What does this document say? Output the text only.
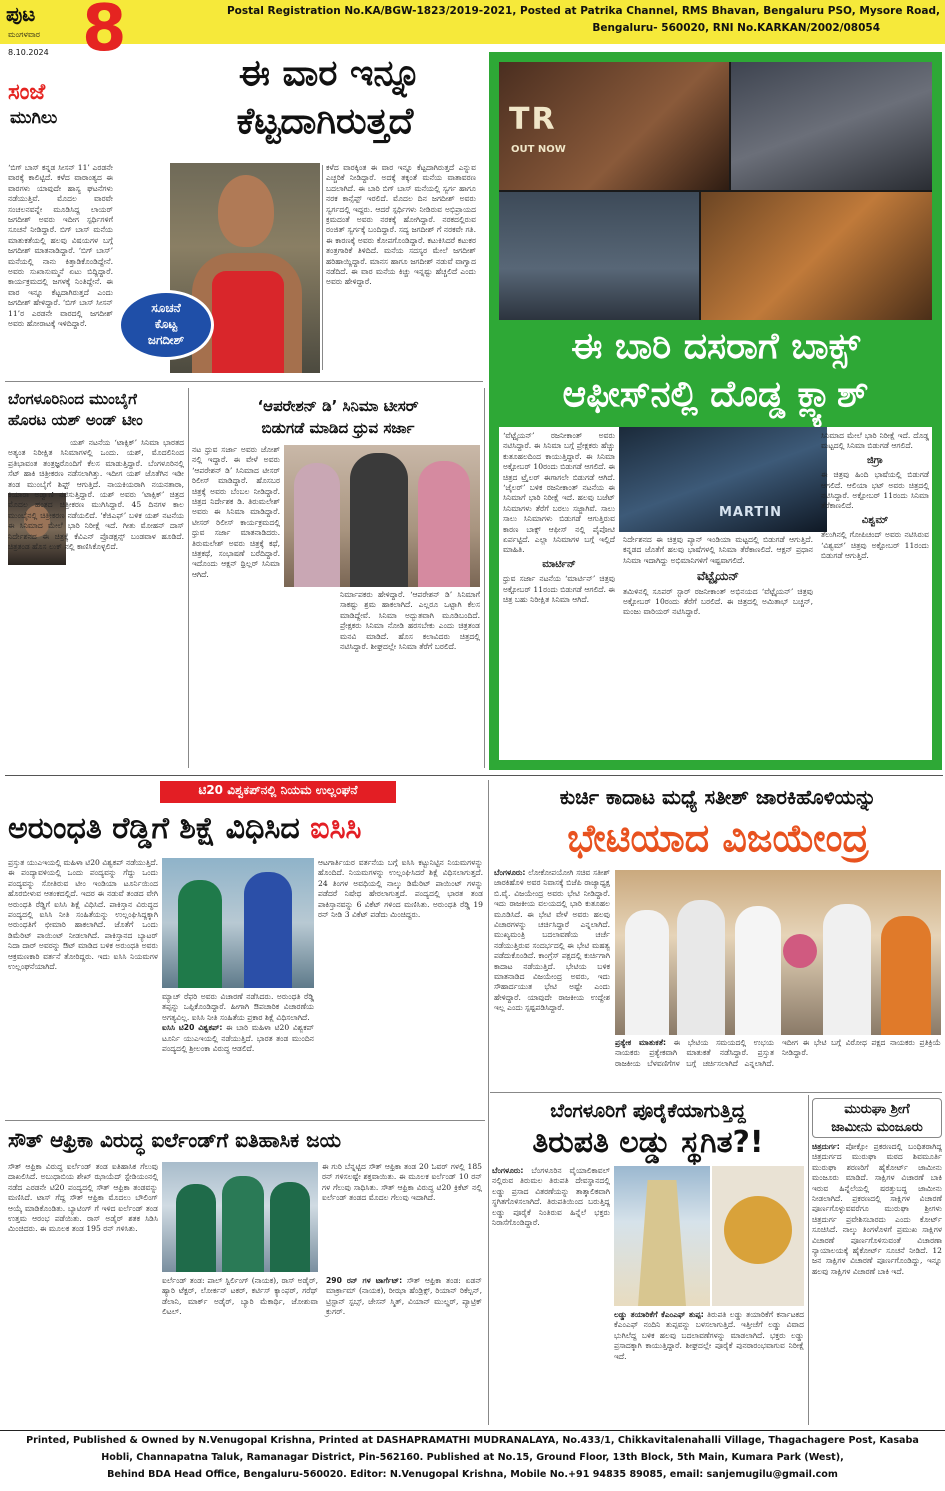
Postal Registration No.KA/BGW-1823/2019-2021, Posted at Patrika Channel, RMS Bhavan, Bengaluru PSO, Mysore Road,
Bengaluru- 560020, RNI No.KARKAN/2002/08054
ಪುಟ 8
ಮಂಗಳವಾರ
8.10.2024
ಸಂಜೆ
ಮುಗಿಲು
ಈ ವಾರ ಇನ್ನೂ
ಕೆಟ್ಟದಾಗಿರುತ್ತದೆ
ಸೂಚನೆ
ಕೊಟ್ಟ
ಜಗದೀಶ್
‘ಬಿಗ್ ಬಾಸ್ ಕನ್ನಡ ಸೀಸನ್ 11’ ಎರಡನೇ ವಾರಕ್ಕೆ ಕಾಲಿಟ್ಟಿದೆ. ಕಳೆದ ವಾರಾಂತ್ಯದ ಈ ವಾರಗಳು ಯಾವುದೇ ಹಾಸ್ಯ ಘಟನೆಗಳು ನಡೆಯುತ್ತಿವೆ. ಮೊದಲ ವಾರವೇ ಸಂಚಲನವನ್ನೇ ಮೂಡಿಸಿದ್ದ ಲಾಯರ್ ಜಗದೀಶ್ ಅವರು ಇದೀಗ ಸ್ಪರ್ಧಿಗಳಿಗೆ ಸೂಚನೆ ನೀಡಿದ್ದಾರೆ. ಬಿಗ್ ಬಾಸ್ ಮನೆಯ ಮಾತುಕತೆಯಲ್ಲಿ ಹಲವು ವಿಷಯಗಳ ಬಗ್ಗೆ ಜಗದೀಶ್ ಮಾತನಾಡಿದ್ದಾರೆ. ‘ಬಿಗ್ ಬಾಸ್’ ಮನೆಯಲ್ಲಿ ನಾನು ಕಿತ್ತಾಡಿಕೊಂಡಿದ್ದೇನೆ. ಅವರು ಸುಖಾಸುಮ್ಮನೆ ಏಟು ಬಿದ್ದಿದ್ದಾರೆ. ಕಾರ್ಯಕ್ರಮದಲ್ಲಿ ಜಗಳಕ್ಕೆ ನಿಂತಿದ್ದೇನೆ. ಈ ವಾರ ಇನ್ನೂ ಕೆಟ್ಟದಾಗಿರುತ್ತದೆ ಎಂದು ಜಗದೀಶ್ ಹೇಳಿದ್ದಾರೆ. ‘ಬಿಗ್ ಬಾಸ್ ಸೀಸನ್ 11’ರ ಎರಡನೇ ವಾರದಲ್ಲಿ ಜಗದೀಶ್ ಅವರು ಹೋರಾಟಕ್ಕೆ ಇಳಿದಿದ್ದಾರೆ.
ಕಳೆದ ವಾರಕ್ಕಿಂತ ಈ ವಾರ ಇನ್ನೂ ಕೆಟ್ಟದಾಗಿರುತ್ತದೆ ಎನ್ನುವ ಎಚ್ಚರಿಕೆ ನೀಡಿದ್ದಾರೆ. ಅದಕ್ಕೆ ತಕ್ಕಂತೆ ಮನೆಯ ವಾತಾವರಣ ಬದಲಾಗಿದೆ. ಈ ಬಾರಿ ಬಿಗ್ ಬಾಸ್ ಮನೆಯಲ್ಲಿ ಸ್ವರ್ಗ ಹಾಗೂ ನರಕ ಕಾನ್ಸೆಪ್ಟ್ ಇರಲಿದೆ. ಮೊದಲ ದಿನ ಜಗದೀಶ್ ಅವರು ಸ್ವರ್ಗದಲ್ಲಿ ಇದ್ದರು. ಆದರೆ ಸ್ಪರ್ಧಿಗಳು ನೀಡಿರುವ ಅಭಿಪ್ರಾಯದ ಕ್ರಮದಂತೆ ಅವರು ನರಕಕ್ಕೆ ಹೋಗಿದ್ದಾರೆ. ನರಕದಲ್ಲಿರುವ ರಂಜಿತ್ ಸ್ವರ್ಗಕ್ಕೆ ಬಂದಿದ್ದಾರೆ. ಸದ್ಯ ಜಗದೀಶ್ ಗೆ ನರಕವೇ ಗತಿ. ಈ ಕಾರಣಕ್ಕೆ ಅವರು ಕೋಪಗೊಂಡಿದ್ದಾರೆ. ಕಟುಕಿಸಿದರೆ ಕಟುಕರ ತಂತ್ರಗಾರಿಕೆ ತಿಳಿದಿದೆ. ಮನೆಯ ಸದಸ್ಯರ ಮೇಲೆ ಜಗದೀಶ್ ಹರಿಹಾಯ್ದಿದ್ದಾರೆ. ಮಾನಸ ಹಾಗೂ ಜಗದೀಶ್ ನಡುವೆ ವಾಗ್ವಾದ ನಡೆದಿದೆ. ಈ ವಾರ ಮನೆಯ ಕಿಚ್ಚು ಇನ್ನಷ್ಟು ಹೆಚ್ಚಲಿದೆ ಎಂದು ಅವರು ಹೇಳಿದ್ದಾರೆ.
TR
OUT NOW
ಈ ಬಾರಿ ದಸರಾಗೆ ಬಾಕ್ಸ್
ಆಫೀಸ್‌ನಲ್ಲಿ ದೊಡ್ಡ ಕ್ಲ್ಯಾಶ್
MARTIN
‘ವೆಟ್ಟೈಯನ್’ ರಜನೀಕಾಂತ್ ಅವರು ನಟಿಸಿದ್ದಾರೆ. ಈ ಸಿನಿಮಾ ಬಗ್ಗೆ ಪ್ರೇಕ್ಷಕರು ಹೆಚ್ಚು ಕುತೂಹಲದಿಂದ ಕಾಯುತ್ತಿದ್ದಾರೆ. ಈ ಸಿನಿಮಾ ಅಕ್ಟೋಬರ್ 10ರಂದು ಬಿಡುಗಡೆ ಆಗಲಿದೆ. ಈ ಚಿತ್ರದ ಟ್ರೈಲರ್ ಈಗಾಗಲೇ ಬಿಡುಗಡೆ ಆಗಿದೆ. ‘ಜೈಲರ್’ ಬಳಿಕ ರಜನೀಕಾಂತ್ ನಟನೆಯ ಈ ಸಿನಿಮಾಗೆ ಭಾರಿ ನಿರೀಕ್ಷೆ ಇದೆ. ಹಲವು ಬಜೆಟ್ ಸಿನಿಮಾಗಳು ತೆರೆಗೆ ಬರಲು ಸಜ್ಜಾಗಿವೆ. ಸಾಲು ಸಾಲು ಸಿನಿಮಾಗಳು ಬಿಡುಗಡೆ ಆಗುತ್ತಿರುವ ಕಾರಣ ಬಾಕ್ಸ್ ಆಫೀಸ್ ನಲ್ಲಿ ಪೈಪೋಟಿ ಏರ್ಪಟ್ಟಿದೆ. ಎಲ್ಲಾ ಸಿನಿಮಾಗಳ ಬಗ್ಗೆ ಇಲ್ಲಿದೆ ಮಾಹಿತಿ.
ಮಾರ್ಟಿನ್
ಧ್ರುವ ಸರ್ಜಾ ನಟನೆಯ ‘ಮಾರ್ಟಿನ್’ ಚಿತ್ರವು ಅಕ್ಟೋಬರ್ 11ರಂದು ಬಿಡುಗಡೆ ಆಗಲಿದೆ. ಈ ಚಿತ್ರ ಬಹು ನಿರೀಕ್ಷಿತ ಸಿನಿಮಾ ಆಗಿದೆ.
ನಿರ್ದೇಶನದ ಈ ಚಿತ್ರವು ಪ್ಯಾನ್ ಇಂಡಿಯಾ ಮಟ್ಟದಲ್ಲಿ ಬಿಡುಗಡೆ ಆಗುತ್ತಿದೆ. ಕನ್ನಡದ ಜೊತೆಗೆ ಹಲವು ಭಾಷೆಗಳಲ್ಲಿ ಸಿನಿಮಾ ತೆರೆಕಾಣಲಿದೆ. ಆಕ್ಷನ್ ಪ್ರಧಾನ ಸಿನಿಮಾ ಇದಾಗಿದ್ದು ಅಭಿಮಾನಿಗಳಿಗೆ ಇಷ್ಟವಾಗಲಿದೆ.
ವೆಟ್ಟೈಯನ್
ತಮಿಳಿನಲ್ಲಿ ಸೂಪರ್ ಸ್ಟಾರ್ ರಜನೀಕಾಂತ್ ಅಭಿನಯದ ‘ವೆಟ್ಟೈಯನ್’ ಚಿತ್ರವು ಅಕ್ಟೋಬರ್ 10ರಂದು ತೆರೆಗೆ ಬರಲಿದೆ. ಈ ಚಿತ್ರದಲ್ಲಿ ಅಮಿತಾಭ್ ಬಚ್ಚನ್, ಮಂಜು ವಾರಿಯರ್ ನಟಿಸಿದ್ದಾರೆ.
ಸಿನಿಮಾದ ಮೇಲೆ ಭಾರಿ ನಿರೀಕ್ಷೆ ಇದೆ. ದೊಡ್ಡ ಮಟ್ಟದಲ್ಲಿ ಸಿನಿಮಾ ಬಿಡುಗಡೆ ಆಗಲಿದೆ.
ಜಿಗ್ರಾ
ಈ ಚಿತ್ರವು ಹಿಂದಿ ಭಾಷೆಯಲ್ಲಿ ಬಿಡುಗಡೆ ಆಗಲಿದೆ. ಆಲಿಯಾ ಭಟ್ ಅವರು ಚಿತ್ರದಲ್ಲಿ ನಟಿಸಿದ್ದಾರೆ. ಅಕ್ಟೋಬರ್ 11ರಂದು ಸಿನಿಮಾ ತೆರೆಕಾಣಲಿದೆ.
ವಿಶ್ವಮ್
ತೆಲುಗಿನಲ್ಲಿ ಗೋಪಿಚಂದ್ ಅವರು ನಟಿಸಿರುವ ‘ವಿಶ್ವಮ್’ ಚಿತ್ರವು ಅಕ್ಟೋಬರ್ 11ರಂದು ಬಿಡುಗಡೆ ಆಗುತ್ತಿದೆ.
ಬೆಂಗಳೂರಿನಿಂದ ಮುಂಬೈಗೆ
ಹೊರಟ ಯಶ್ ಅಂಡ್ ಟೀಂ
ಯಶ್ ನಟನೆಯ ‘ಟಾಕ್ಸಿಕ್’ ಸಿನಿಮಾ ಭಾರತದ ಅತ್ಯಂತ ನಿರೀಕ್ಷಿತ ಸಿನಿಮಾಗಳಲ್ಲಿ ಒಂದು. ಯಶ್, ಮೊದಲಿನಿಂದ ಪ್ರತಿಭಾವಂತ ತಂತ್ರಜ್ಞರೊಂದಿಗೆ ಕೆಲಸ ಮಾಡುತ್ತಿದ್ದಾರೆ. ಬೆಂಗಳೂರಿನಲ್ಲಿ ಸೆಟ್ ಹಾಕಿ ಚಿತ್ರೀಕರಣ ನಡೆಸಲಾಗಿತ್ತು. ಇದೀಗ ಯಶ್ ಜೊತೆಗಿನ ಇಡೀ ತಂಡ ಮುಂಬೈಗೆ ಶಿಫ್ಟ್ ಆಗುತ್ತಿದೆ. ನಾಯಕಿಯರಾಗಿ ನಯನತಾರಾ, ಕಿಯಾರಾ ಅಡ್ವಾಣಿ ನಟಿಸುತ್ತಿದ್ದಾರೆ. ಯಶ್ ಅವರು ‘ಟಾಕ್ಸಿಕ್’ ಚಿತ್ರದ ಮೊದಲ ಹಂತದ ಚಿತ್ರೀಕರಣ ಮುಗಿಸಿದ್ದಾರೆ. 45 ದಿನಗಳ ಕಾಲ ಮುಂಬೈನಲ್ಲಿ ಚಿತ್ರೀಕರಣ ನಡೆಯಲಿದೆ. ‘ಕೆಜಿಎಫ್’ ಬಳಿಕ ಯಶ್ ನಟನೆಯ ಈ ಸಿನಿಮಾದ ಮೇಲೆ ಭಾರಿ ನಿರೀಕ್ಷೆ ಇದೆ. ಗೀತು ಮೋಹನ್ ದಾಸ್ ನಿರ್ದೇಶನದ ಈ ಚಿತ್ರಕ್ಕೆ ಕೆವಿಎನ್ ಪ್ರೊಡಕ್ಷನ್ಸ್ ಬಂಡವಾಳ ಹೂಡಿದೆ. ಚಿತ್ರತಂಡ ಹೊಸ ಲುಕ್ ನಲ್ಲಿ ಕಾಣಿಸಿಕೊಳ್ಳಲಿದೆ.
‘ಆಪರೇಶನ್ ಡಿ’ ಸಿನಿಮಾ ಟೀಸರ್
ಬಿಡುಗಡೆ ಮಾಡಿದ ಧ್ರುವ ಸರ್ಜಾ
ನಟ ಧ್ರುವ ಸರ್ಜಾ ಅವರು ಜೋಶ್ ನಲ್ಲಿ ಇದ್ದಾರೆ. ಈ ವೇಳೆ ಅವರು ‘ಆಪರೇಶನ್ ಡಿ’ ಸಿನಿಮಾದ ಟೀಸರ್ ರಿಲೀಸ್ ಮಾಡಿದ್ದಾರೆ. ಹೊಸಬರ ಚಿತ್ರಕ್ಕೆ ಅವರು ಬೆಂಬಲ ನೀಡಿದ್ದಾರೆ. ಚಿತ್ರದ ನಿರ್ದೇಶಕ ಡಿ. ತಿರುಮಲೇಶ್ ಅವರು ಈ ಸಿನಿಮಾ ಮಾಡಿದ್ದಾರೆ. ಟೀಸರ್ ರಿಲೀಸ್ ಕಾರ್ಯಕ್ರಮದಲ್ಲಿ ಧ್ರುವ ಸರ್ಜಾ ಮಾತನಾಡಿದರು. ತಿರುಮಲೇಶ್ ಅವರು ಚಿತ್ರಕ್ಕೆ ಕಥೆ, ಚಿತ್ರಕಥೆ, ಸಂಭಾಷಣೆ ಬರೆದಿದ್ದಾರೆ. ಇದೊಂದು ಆಕ್ಷನ್ ಥ್ರಿಲ್ಲರ್ ಸಿನಿಮಾ ಆಗಿದೆ.
ನಿರ್ಮಾಪಕರು ಹೇಳಿದ್ದಾರೆ. ‘ಆಪರೇಶನ್ ಡಿ’ ಸಿನಿಮಾಗೆ ಸಾಕಷ್ಟು ಶ್ರಮ ಹಾಕಲಾಗಿದೆ. ಎಲ್ಲರೂ ಒಟ್ಟಾಗಿ ಕೆಲಸ ಮಾಡಿದ್ದೇವೆ. ಸಿನಿಮಾ ಅದ್ಭುತವಾಗಿ ಮೂಡಿಬಂದಿದೆ. ಪ್ರೇಕ್ಷಕರು ಸಿನಿಮಾ ನೋಡಿ ಹರಸಬೇಕು ಎಂದು ಚಿತ್ರತಂಡ ಮನವಿ ಮಾಡಿದೆ. ಹೊಸ ಕಲಾವಿದರು ಚಿತ್ರದಲ್ಲಿ ನಟಿಸಿದ್ದಾರೆ. ಶೀಘ್ರದಲ್ಲೇ ಸಿನಿಮಾ ತೆರೆಗೆ ಬರಲಿದೆ.
ಟಿ20 ವಿಶ್ವಕಪ್‌ನಲ್ಲಿ ನಿಯಮ ಉಲ್ಲಂಘನೆ
ಅರುಂಧತಿ ರೆಡ್ಡಿಗೆ ಶಿಕ್ಷೆ ವಿಧಿಸಿದ ಐಸಿಸಿ
ಪ್ರಸ್ತುತ ಯುಎಇಯಲ್ಲಿ ಮಹಿಳಾ ಟಿ20 ವಿಶ್ವಕಪ್ ನಡೆಯುತ್ತಿದೆ. ಈ ಪಂದ್ಯಾವಳಿಯಲ್ಲಿ ಒಂದು ಪಂದ್ಯವನ್ನು ಗೆದ್ದು ಒಂದು ಪಂದ್ಯವನ್ನು ಸೋತಿರುವ ಟೀಂ ಇಂಡಿಯಾ ಟೂರ್ನಿಯಿಂದ ಹೊರಬೀಳುವ ಆತಂಕದಲ್ಲಿದೆ. ಇದರ ಈ ನಡುವೆ ತಂಡದ ವೇಗಿ ಅರುಂಧತಿ ರೆಡ್ಡಿಗೆ ಐಸಿಸಿ ಶಿಕ್ಷೆ ವಿಧಿಸಿದೆ. ಪಾಕಿಸ್ತಾನ ವಿರುದ್ಧದ ಪಂದ್ಯದಲ್ಲಿ ಐಸಿಸಿ ನೀತಿ ಸಂಹಿತೆಯನ್ನು ಉಲ್ಲಂಘಿಸಿದ್ದಕ್ಕಾಗಿ ಅರುಂಧತಿಗೆ ಛೀಮಾರಿ ಹಾಕಲಾಗಿದೆ. ಜೊತೆಗೆ ಒಂದು ಡಿಮೆರಿಟ್ ಪಾಯಿಂಟ್ ನೀಡಲಾಗಿದೆ. ಪಾಕಿಸ್ತಾನದ ಬ್ಯಾಟರ್ ನಿದಾ ದಾರ್ ಅವರನ್ನು ಔಟ್ ಮಾಡಿದ ಬಳಿಕ ಅರುಂಧತಿ ಅವರು ಆಕ್ರಮಣಕಾರಿ ವರ್ತನೆ ತೋರಿದ್ದರು. ಇದು ಐಸಿಸಿ ನಿಯಮಗಳ ಉಲ್ಲಂಘನೆಯಾಗಿದೆ.
ಆಟಗಾರ್ತಿಯರ ವರ್ತನೆಯ ಬಗ್ಗೆ ಐಸಿಸಿ ಕಟ್ಟುನಿಟ್ಟಿನ ನಿಯಮಗಳನ್ನು ಹೊಂದಿದೆ. ನಿಯಮಗಳನ್ನು ಉಲ್ಲಂಘಿಸಿದರೆ ಶಿಕ್ಷೆ ವಿಧಿಸಲಾಗುತ್ತದೆ. 24 ತಿಂಗಳ ಅವಧಿಯಲ್ಲಿ ನಾಲ್ಕು ಡಿಮೆರಿಟ್ ಪಾಯಿಂಟ್ ಗಳನ್ನು ಪಡೆದರೆ ನಿಷೇಧ ಹೇರಲಾಗುತ್ತದೆ. ಪಂದ್ಯದಲ್ಲಿ ಭಾರತ ತಂಡ ಪಾಕಿಸ್ತಾನವನ್ನು 6 ವಿಕೆಟ್ ಗಳಿಂದ ಮಣಿಸಿತು. ಅರುಂಧತಿ ರೆಡ್ಡಿ 19 ರನ್ ನೀಡಿ 3 ವಿಕೆಟ್ ಪಡೆದು ಮಿಂಚಿದ್ದರು.
ಮ್ಯಾಚ್ ರೆಫರಿ ಅವರು ವಿಚಾರಣೆ ನಡೆಸಿದರು. ಅರುಂಧತಿ ರೆಡ್ಡಿ ತಪ್ಪನ್ನು ಒಪ್ಪಿಕೊಂಡಿದ್ದಾರೆ. ಹೀಗಾಗಿ ಔಪಚಾರಿಕ ವಿಚಾರಣೆಯ ಅಗತ್ಯವಿಲ್ಲ. ಐಸಿಸಿ ನೀತಿ ಸಂಹಿತೆಯ ಪ್ರಕಾರ ಶಿಕ್ಷೆ ವಿಧಿಸಲಾಗಿದೆ.
ಐಸಿಸಿ ಟಿ20 ವಿಶ್ವಕಪ್: ಈ ಬಾರಿ ಮಹಿಳಾ ಟಿ20 ವಿಶ್ವಕಪ್ ಟೂರ್ನಿ ಯುಎಇಯಲ್ಲಿ ನಡೆಯುತ್ತಿದೆ. ಭಾರತ ತಂಡ ಮುಂದಿನ ಪಂದ್ಯದಲ್ಲಿ ಶ್ರೀಲಂಕಾ ವಿರುದ್ಧ ಆಡಲಿದೆ.
ಕುರ್ಚಿ ಕಾದಾಟ ಮಧ್ಯೆ ಸತೀಶ್ ಜಾರಕಿಹೊಳಿಯನ್ನು
ಭೇಟಿಯಾದ ವಿಜಯೇಂದ್ರ
ಬೆಂಗಳೂರು: ಲೋಕೋಪಯೋಗಿ ಸಚಿವ ಸತೀಶ್ ಜಾರಕಿಹೊಳಿ ಅವರ ನಿವಾಸಕ್ಕೆ ಬಿಜೆಪಿ ರಾಜ್ಯಾಧ್ಯಕ್ಷ ಬಿ.ವೈ. ವಿಜಯೇಂದ್ರ ಅವರು ಭೇಟಿ ನೀಡಿದ್ದಾರೆ. ಇದು ರಾಜಕೀಯ ವಲಯದಲ್ಲಿ ಭಾರಿ ಕುತೂಹಲ ಮೂಡಿಸಿದೆ. ಈ ಭೇಟಿ ವೇಳೆ ಅವರು ಹಲವು ವಿಚಾರಗಳನ್ನು ಚರ್ಚಿಸಿದ್ದಾರೆ ಎನ್ನಲಾಗಿದೆ. ಮುಖ್ಯಮಂತ್ರಿ ಬದಲಾವಣೆಯ ಚರ್ಚೆ ನಡೆಯುತ್ತಿರುವ ಸಂದರ್ಭದಲ್ಲಿ ಈ ಭೇಟಿ ಮಹತ್ವ ಪಡೆದುಕೊಂಡಿದೆ. ಕಾಂಗ್ರೆಸ್ ಪಕ್ಷದಲ್ಲಿ ಕುರ್ಚಿಗಾಗಿ ಕಾದಾಟ ನಡೆಯುತ್ತಿದೆ. ಭೇಟಿಯ ಬಳಿಕ ಮಾತನಾಡಿದ ವಿಜಯೇಂದ್ರ ಅವರು, ಇದು ಸೌಹಾರ್ದಯುತ ಭೇಟಿ ಅಷ್ಟೇ ಎಂದು ಹೇಳಿದ್ದಾರೆ. ಯಾವುದೇ ರಾಜಕೀಯ ಉದ್ದೇಶ ಇಲ್ಲ ಎಂದು ಸ್ಪಷ್ಟಪಡಿಸಿದ್ದಾರೆ.
ಪ್ರತ್ಯೇಕ ಮಾತುಕತೆ: ಈ ಭೇಟಿಯ ಸಮಯದಲ್ಲಿ ಉಭಯ ನಾಯಕರು ಪ್ರತ್ಯೇಕವಾಗಿ ಮಾತುಕತೆ ನಡೆಸಿದ್ದಾರೆ. ಪ್ರಸ್ತುತ ರಾಜಕೀಯ ಬೆಳವಣಿಗೆಗಳ ಬಗ್ಗೆ ಚರ್ಚಿಸಲಾಗಿದೆ ಎನ್ನಲಾಗಿದೆ. ಇದೀಗ ಈ ಭೇಟಿ ಬಗ್ಗೆ ವಿರೋಧ ಪಕ್ಷದ ನಾಯಕರು ಪ್ರತಿಕ್ರಿಯೆ ನೀಡಿದ್ದಾರೆ.
ಸೌತ್ ಆಫ್ರಿಕಾ ವಿರುದ್ಧ ಐರ್ಲೆಂಡ್‌ಗೆ ಐತಿಹಾಸಿಕ ಜಯ
ಸೌತ್ ಆಫ್ರಿಕಾ ವಿರುದ್ಧ ಐರ್ಲೆಂಡ್ ತಂಡ ಐತಿಹಾಸಿಕ ಗೆಲುವು ದಾಖಲಿಸಿದೆ. ಅಬುಧಾಬಿಯ ಶೇಖ್ ಝಾಯೆದ್ ಸ್ಟೇಡಿಯಂನಲ್ಲಿ ನಡೆದ ಎರಡನೇ ಟಿ20 ಪಂದ್ಯದಲ್ಲಿ ಸೌತ್ ಆಫ್ರಿಕಾ ತಂಡವನ್ನು ಮಣಿಸಿದೆ. ಟಾಸ್ ಗೆದ್ದ ಸೌತ್ ಆಫ್ರಿಕಾ ಮೊದಲು ಬೌಲಿಂಗ್ ಆಯ್ಕೆ ಮಾಡಿಕೊಂಡಿತು. ಬ್ಯಾಟಿಂಗ್ ಗೆ ಇಳಿದ ಐರ್ಲೆಂಡ್ ತಂಡ ಉತ್ತಮ ಆರಂಭ ಪಡೆಯಿತು. ರಾಸ್ ಅಡೈರ್ ಶತಕ ಸಿಡಿಸಿ ಮಿಂಚಿದರು. ಈ ಮೂಲಕ ತಂಡ 195 ರನ್ ಗಳಿಸಿತು.
ಈ ಗುರಿ ಬೆನ್ನಟ್ಟಿದ ಸೌತ್ ಆಫ್ರಿಕಾ ತಂಡ 20 ಓವರ್ ಗಳಲ್ಲಿ 185 ರನ್ ಗಳಿಸಲಷ್ಟೇ ಶಕ್ತವಾಯಿತು. ಈ ಮೂಲಕ ಐರ್ಲೆಂಡ್ 10 ರನ್ ಗಳ ಗೆಲುವು ಸಾಧಿಸಿತು. ಸೌತ್ ಆಫ್ರಿಕಾ ವಿರುದ್ಧ ಟಿ20 ಕ್ರಿಕೆಟ್ ನಲ್ಲಿ ಐರ್ಲೆಂಡ್ ತಂಡದ ಮೊದಲ ಗೆಲುವು ಇದಾಗಿದೆ.
ಐರ್ಲೆಂಡ್ ತಂಡ: ಪಾಲ್ ಸ್ಟಿರ್ಲಿಂಗ್ (ನಾಯಕ), ರಾಸ್ ಅಡೈರ್, ಹ್ಯಾರಿ ಟೆಕ್ಟರ್, ಲೋರ್ಕನ್ ಟಕರ್, ಕರ್ಟಿಸ್ ಕ್ಯಾಂಫರ್, ಗರೆಥ್ ಡೆಲಾನಿ, ಮಾರ್ಕ್ ಅಡೈರ್, ಬ್ಯಾರಿ ಮೆಕಾರ್ಥಿ, ಜೋಶುವಾ ಲಿಟಲ್.
290 ರನ್ ಗಳ ಟಾರ್ಗೆಟ್: ಸೌತ್ ಆಫ್ರಿಕಾ ತಂಡ: ಏಡನ್ ಮಾರ್ಕ್ರಾಮ್ (ನಾಯಕ), ರೀಝಾ ಹೆಂಡ್ರಿಕ್ಸ್, ರಿಯಾನ್ ರಿಕೆಲ್ಟನ್, ಟ್ರಿಸ್ಟಾನ್ ಸ್ಟಬ್ಸ್, ಜೇಸನ್ ಸ್ಮಿತ್, ವಿಯಾನ್ ಮುಲ್ಡರ್, ಪ್ಯಾಟ್ರಿಕ್ ಕ್ರುಗರ್.
ಬೆಂಗಳೂರಿಗೆ ಪೂರೈಕೆಯಾಗುತ್ತಿದ್ದ
ತಿರುಪತಿ ಲಡ್ಡು ಸ್ಥಗಿತ?!
ಬೆಂಗಳೂರು: ಬೆಂಗಳೂರಿನ ವೈಯಾಲಿಕಾವಲ್ ನಲ್ಲಿರುವ ತಿರುಮಲ ತಿರುಪತಿ ದೇವಸ್ಥಾನದಲ್ಲಿ ಲಡ್ಡು ಪ್ರಸಾದ ವಿತರಣೆಯನ್ನು ತಾತ್ಕಾಲಿಕವಾಗಿ ಸ್ಥಗಿತಗೊಳಿಸಲಾಗಿದೆ. ತಿರುಪತಿಯಿಂದ ಬರುತ್ತಿದ್ದ ಲಡ್ಡು ಪೂರೈಕೆ ನಿಂತಿರುವ ಹಿನ್ನೆಲೆ ಭಕ್ತರು ನಿರಾಸೆಗೊಂಡಿದ್ದಾರೆ.
ಲಡ್ಡು ತಯಾರಿಕೆಗೆ ಕೆಎಂಎಫ್ ತುಪ್ಪ: ತಿರುಪತಿ ಲಡ್ಡು ತಯಾರಿಕೆಗೆ ಕರ್ನಾಟಕದ ಕೆಎಂಎಫ್ ನಂದಿನಿ ತುಪ್ಪವನ್ನು ಬಳಸಲಾಗುತ್ತಿದೆ. ಇತ್ತೀಚೆಗೆ ಲಡ್ಡು ವಿವಾದ ಭುಗಿಲೆದ್ದ ಬಳಿಕ ಹಲವು ಬದಲಾವಣೆಗಳನ್ನು ಮಾಡಲಾಗಿದೆ. ಭಕ್ತರು ಲಡ್ಡು ಪ್ರಸಾದಕ್ಕಾಗಿ ಕಾಯುತ್ತಿದ್ದಾರೆ. ಶೀಘ್ರದಲ್ಲೇ ಪೂರೈಕೆ ಪುನರಾರಂಭವಾಗುವ ನಿರೀಕ್ಷೆ ಇದೆ.
ಮುರುಘಾ ಶ್ರೀಗೆ
ಜಾಮೀನು ಮಂಜೂರು
ಚಿತ್ರದುರ್ಗ: ಪೋಕ್ಸೋ ಪ್ರಕರಣದಲ್ಲಿ ಬಂಧಿತರಾಗಿದ್ದ ಚಿತ್ರದುರ್ಗದ ಮುರುಘಾ ಮಠದ ಶಿವಮೂರ್ತಿ ಮುರುಘಾ ಶರಣರಿಗೆ ಹೈಕೋರ್ಟ್ ಜಾಮೀನು ಮಂಜೂರು ಮಾಡಿದೆ. ಸಾಕ್ಷಿಗಳ ವಿಚಾರಣೆ ಬಾಕಿ ಇರುವ ಹಿನ್ನೆಲೆಯಲ್ಲಿ ಷರತ್ತುಬದ್ಧ ಜಾಮೀನು ನೀಡಲಾಗಿದೆ. ಪ್ರಕರಣದಲ್ಲಿ ಸಾಕ್ಷಿಗಳ ವಿಚಾರಣೆ ಪೂರ್ಣಗೊಳ್ಳುವವರೆಗೂ ಮುರುಘಾ ಶ್ರೀಗಳು ಚಿತ್ರದುರ್ಗ ಪ್ರವೇಶಿಸಬಾರದು ಎಂದು ಕೋರ್ಟ್ ಸೂಚಿಸಿದೆ. ನಾಲ್ಕು ತಿಂಗಳೊಳಗೆ ಪ್ರಮುಖ ಸಾಕ್ಷಿಗಳ ವಿಚಾರಣೆ ಪೂರ್ಣಗೊಳಿಸುವಂತೆ ವಿಚಾರಣಾ ನ್ಯಾಯಾಲಯಕ್ಕೆ ಹೈಕೋರ್ಟ್ ಸೂಚನೆ ನೀಡಿದೆ. 12 ಜನ ಸಾಕ್ಷಿಗಳ ವಿಚಾರಣೆ ಪೂರ್ಣಗೊಂಡಿದ್ದು, ಇನ್ನೂ ಹಲವು ಸಾಕ್ಷಿಗಳ ವಿಚಾರಣೆ ಬಾಕಿ ಇದೆ.
Printed, Published & Owned by N.Venugopal Krishna, Printed at DASHAPRAMATHI MUDRANALAYA, No.433/1, Chikkavitalenahalli Village, Thagachagere Post, Kasaba
Hobli, Channapatna Taluk, Ramanagar District, Pin-562160. Published at No.15, Ground Floor, 13th Block, 5th Main, Kumara Park (West),
Behind BDA Head Office, Bengaluru-560020. Editor: N.Venugopal Krishna, Mobile No.+91 94835 89085, email: sanjemugilu@gmail.com
